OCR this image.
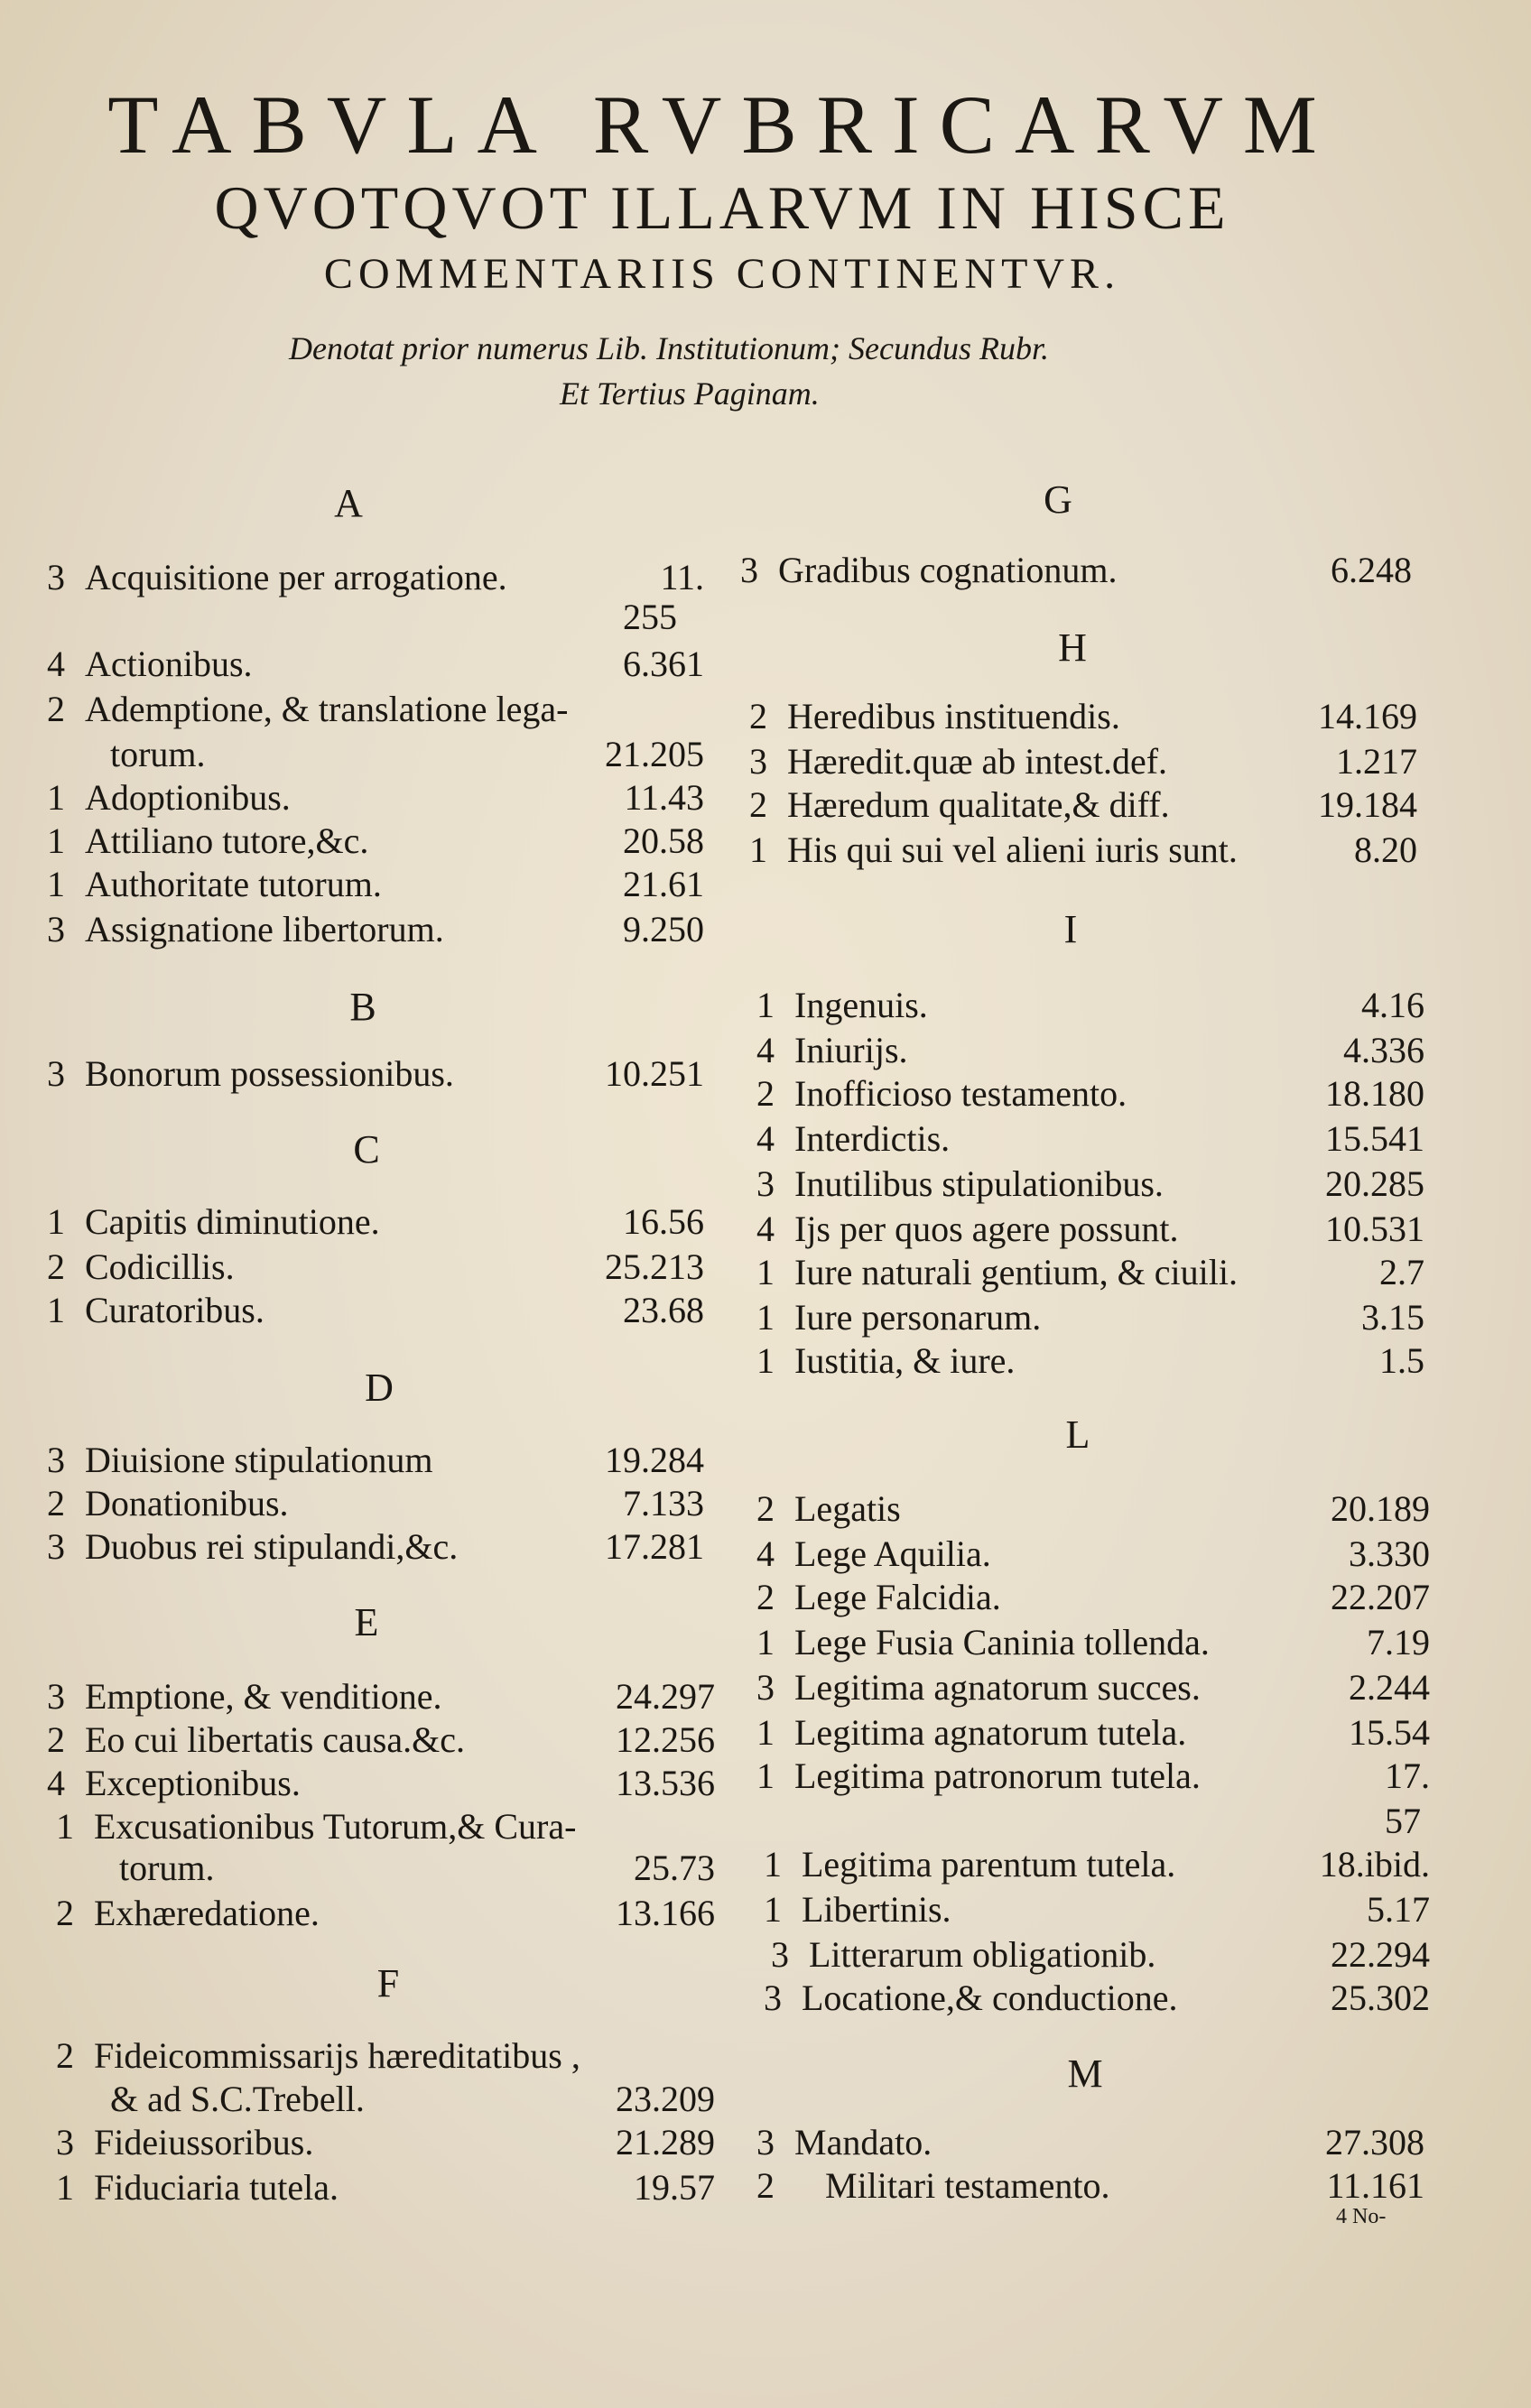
TABVLA RVBRICARVM
QVOTQVOT ILLARVM IN HISCE
COMMENTARIIS CONTINENTVR.
Denotat prior numerus Lib. Institutionum; Secundus Rubr.
Et Tertius Paginam.
A
3 Acquisitione per arrogatione.	11.
255
4 Actionibus.	6.361
2 Ademptione, & translatione lega-
torum.	21.205
1 Adoptionibus.	11.43
1 Attiliano tutore,&c.	20.58
1 Authoritate tutorum.	21.61
3 Assignatione libertorum.	9.250
B
3 Bonorum possessionibus.	10.251
C
1 Capitis diminutione.	16.56
2 Codicillis.	25.213
1 Curatoribus.	23.68
D
3 Diuisione stipulationum	19.284
2 Donationibus.	7.133
3 Duobus rei stipulandi,&c.	17.281
E
3 Emptione, & venditione.	24.297
2 Eo cui libertatis causa.&c.	12.256
4 Exceptionibus.	13.536
1 Excusationibus Tutorum,& Cura-
torum.	25.73
2 Exhæredatione.	13.166
F
2 Fideicommissarijs hæreditatibus ,
& ad S.C.Trebell.	23.209
3 Fideiussoribus.	21.289
1 Fiduciaria tutela.	19.57
G
3 Gradibus cognationum.	6.248
H
2 Heredibus instituendis.	14.169
3 Hæredit.quæ ab intest.def.	1.217
2 Hæredum qualitate,& diff.	19.184
1 His qui sui vel alieni iuris sunt.	8.20
I
1 Ingenuis.	4.16
4 Iniurijs.	4.336
2 Inofficioso testamento.	18.180
4 Interdictis.	15.541
3 Inutilibus stipulationibus.	20.285
4 Ijs per quos agere possunt.	10.531
1 Iure naturali gentium, & ciuili.	2.7
1 Iure personarum.	3.15
1 Iustitia, & iure.	1.5
L
2 Legatis	20.189
4 Lege Aquilia.	3.330
2 Lege Falcidia.	22.207
1 Lege Fusia Caninia tollenda.	7.19
3 Legitima agnatorum succes.	2.244
1 Legitima agnatorum tutela.	15.54
1 Legitima patronorum tutela.	17.
57
1 Legitima parentum tutela.	18.ibid.
1 Libertinis.	5.17
3 Litterarum obligationib.	22.294
3 Locatione,& conductione.	25.302
M
3 Mandato.	27.308
2 Militari testamento.	11.161
4 No-
